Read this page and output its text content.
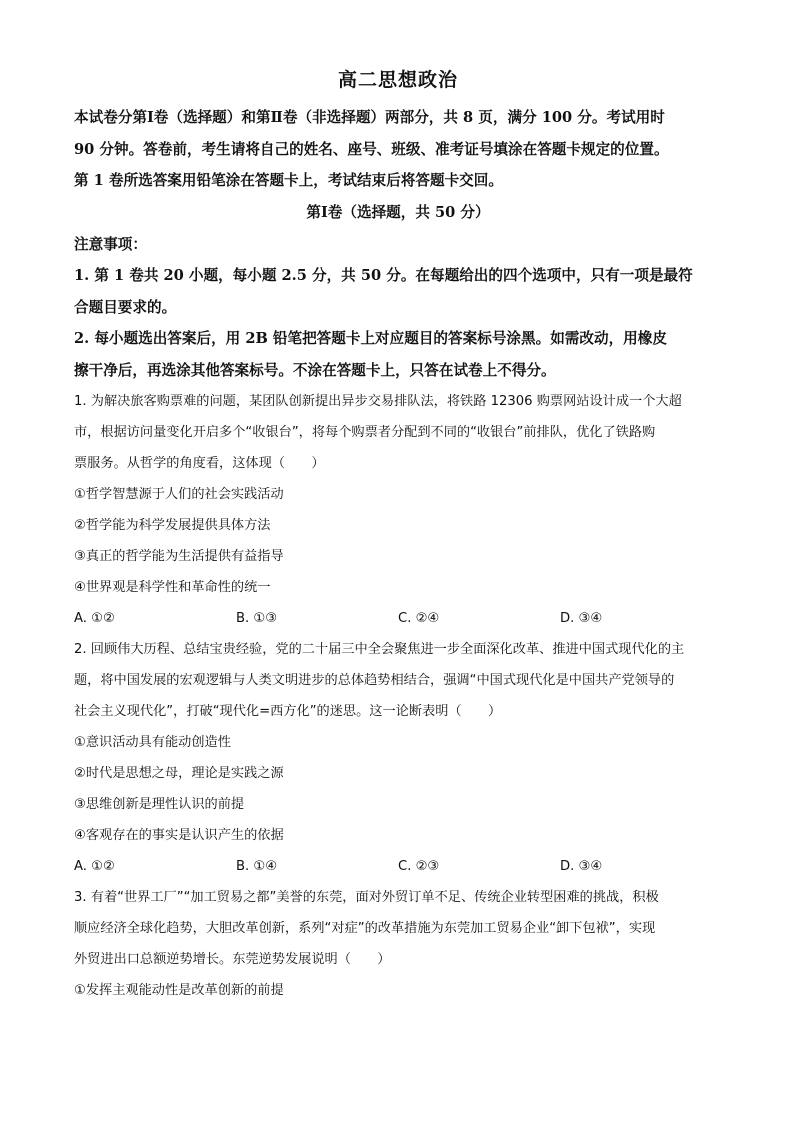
高二思想政治
本试卷分第Ⅰ卷（选择题）和第Ⅱ卷（非选择题）两部分，共 8 页，满分 100 分。考试用时
90 分钟。答卷前，考生请将自己的姓名、座号、班级、准考证号填涂在答题卡规定的位置。
第 1 卷所选答案用铅笔涂在答题卡上，考试结束后将答题卡交回。
第Ⅰ卷（选择题，共 50 分）
注意事项：
1. 第 1 卷共 20 小题，每小题 2.5 分，共 50 分。在每题给出的四个选项中，只有一项是最符
合题目要求的。
2. 每小题选出答案后，用 2B 铅笔把答题卡上对应题目的答案标号涂黑。如需改动，用橡皮
擦干净后，再选涂其他答案标号。不涂在答题卡上，只答在试卷上不得分。
1. 为解决旅客购票难的问题，某团队创新提出异步交易排队法，将铁路 12306 购票网站设计成一个大超
市，根据访问量变化开启多个“收银台”，将每个购票者分配到不同的“收银台”前排队，优化了铁路购
票服务。从哲学的角度看，这体现（　　）
①哲学智慧源于人们的社会实践活动
②哲学能为科学发展提供具体方法
③真正的哲学能为生活提供有益指导
④世界观是科学性和革命性的统一
A. ①②	B. ①③	C. ②④	D. ③④
2. 回顾伟大历程、总结宝贵经验，党的二十届三中全会聚焦进一步全面深化改革、推进中国式现代化的主
题，将中国发展的宏观逻辑与人类文明进步的总体趋势相结合，强调“中国式现代化是中国共产党领导的
社会主义现代化”，打破“现代化=西方化”的迷思。这一论断表明（　　）
①意识活动具有能动创造性
②时代是思想之母，理论是实践之源
③思维创新是理性认识的前提
④客观存在的事实是认识产生的依据
A. ①②	B. ①④	C. ②③	D. ③④
3. 有着“世界工厂”“加工贸易之都”美誉的东莞，面对外贸订单不足、传统企业转型困难的挑战，积极
顺应经济全球化趋势，大胆改革创新，系列“对症”的改革措施为东莞加工贸易企业“卸下包袱”，实现
外贸进出口总额逆势增长。东莞逆势发展说明（　　）
①发挥主观能动性是改革创新的前提
